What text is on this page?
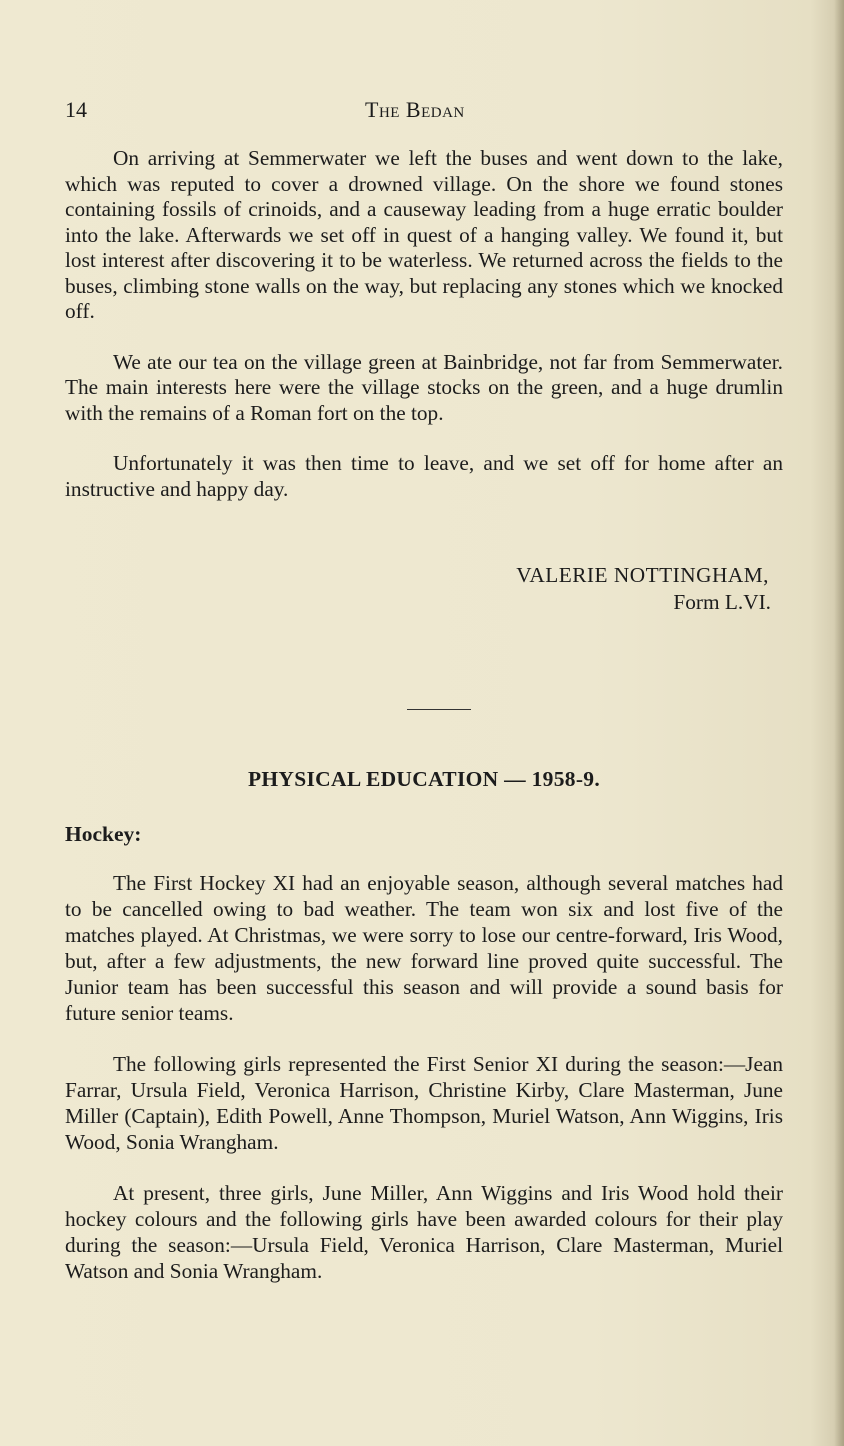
14	The Bedan

On arriving at Semmerwater we left the buses and went down to the lake, which was reputed to cover a drowned village. On the shore we found stones containing fossils of crinoids, and a causeway leading from a huge erratic boulder into the lake. Afterwards we set off in quest of a hanging valley. We found it, but lost interest after discovering it to be waterless. We returned across the fields to the buses, climbing stone walls on the way, but replacing any stones which we knocked off.

We ate our tea on the village green at Bainbridge, not far from Semmerwater. The main interests here were the village stocks on the green, and a huge drumlin with the remains of a Roman fort on the top.

Unfortunately it was then time to leave, and we set off for home after an instructive and happy day.

VALERIE NOTTINGHAM,
Form L.VI.
PHYSICAL EDUCATION — 1958-9.
Hockey:

The First Hockey XI had an enjoyable season, although several matches had to be cancelled owing to bad weather. The team won six and lost five of the matches played. At Christmas, we were sorry to lose our centre-forward, Iris Wood, but, after a few adjustments, the new forward line proved quite successful. The Junior team has been successful this season and will provide a sound basis for future senior teams.

The following girls represented the First Senior XI during the season:—Jean Farrar, Ursula Field, Veronica Harrison, Christine Kirby, Clare Masterman, June Miller (Captain), Edith Powell, Anne Thompson, Muriel Watson, Ann Wiggins, Iris Wood, Sonia Wrangham.

At present, three girls, June Miller, Ann Wiggins and Iris Wood hold their hockey colours and the following girls have been awarded colours for their play during the season:—Ursula Field, Veronica Harrison, Clare Masterman, Muriel Watson and Sonia Wrangham.
